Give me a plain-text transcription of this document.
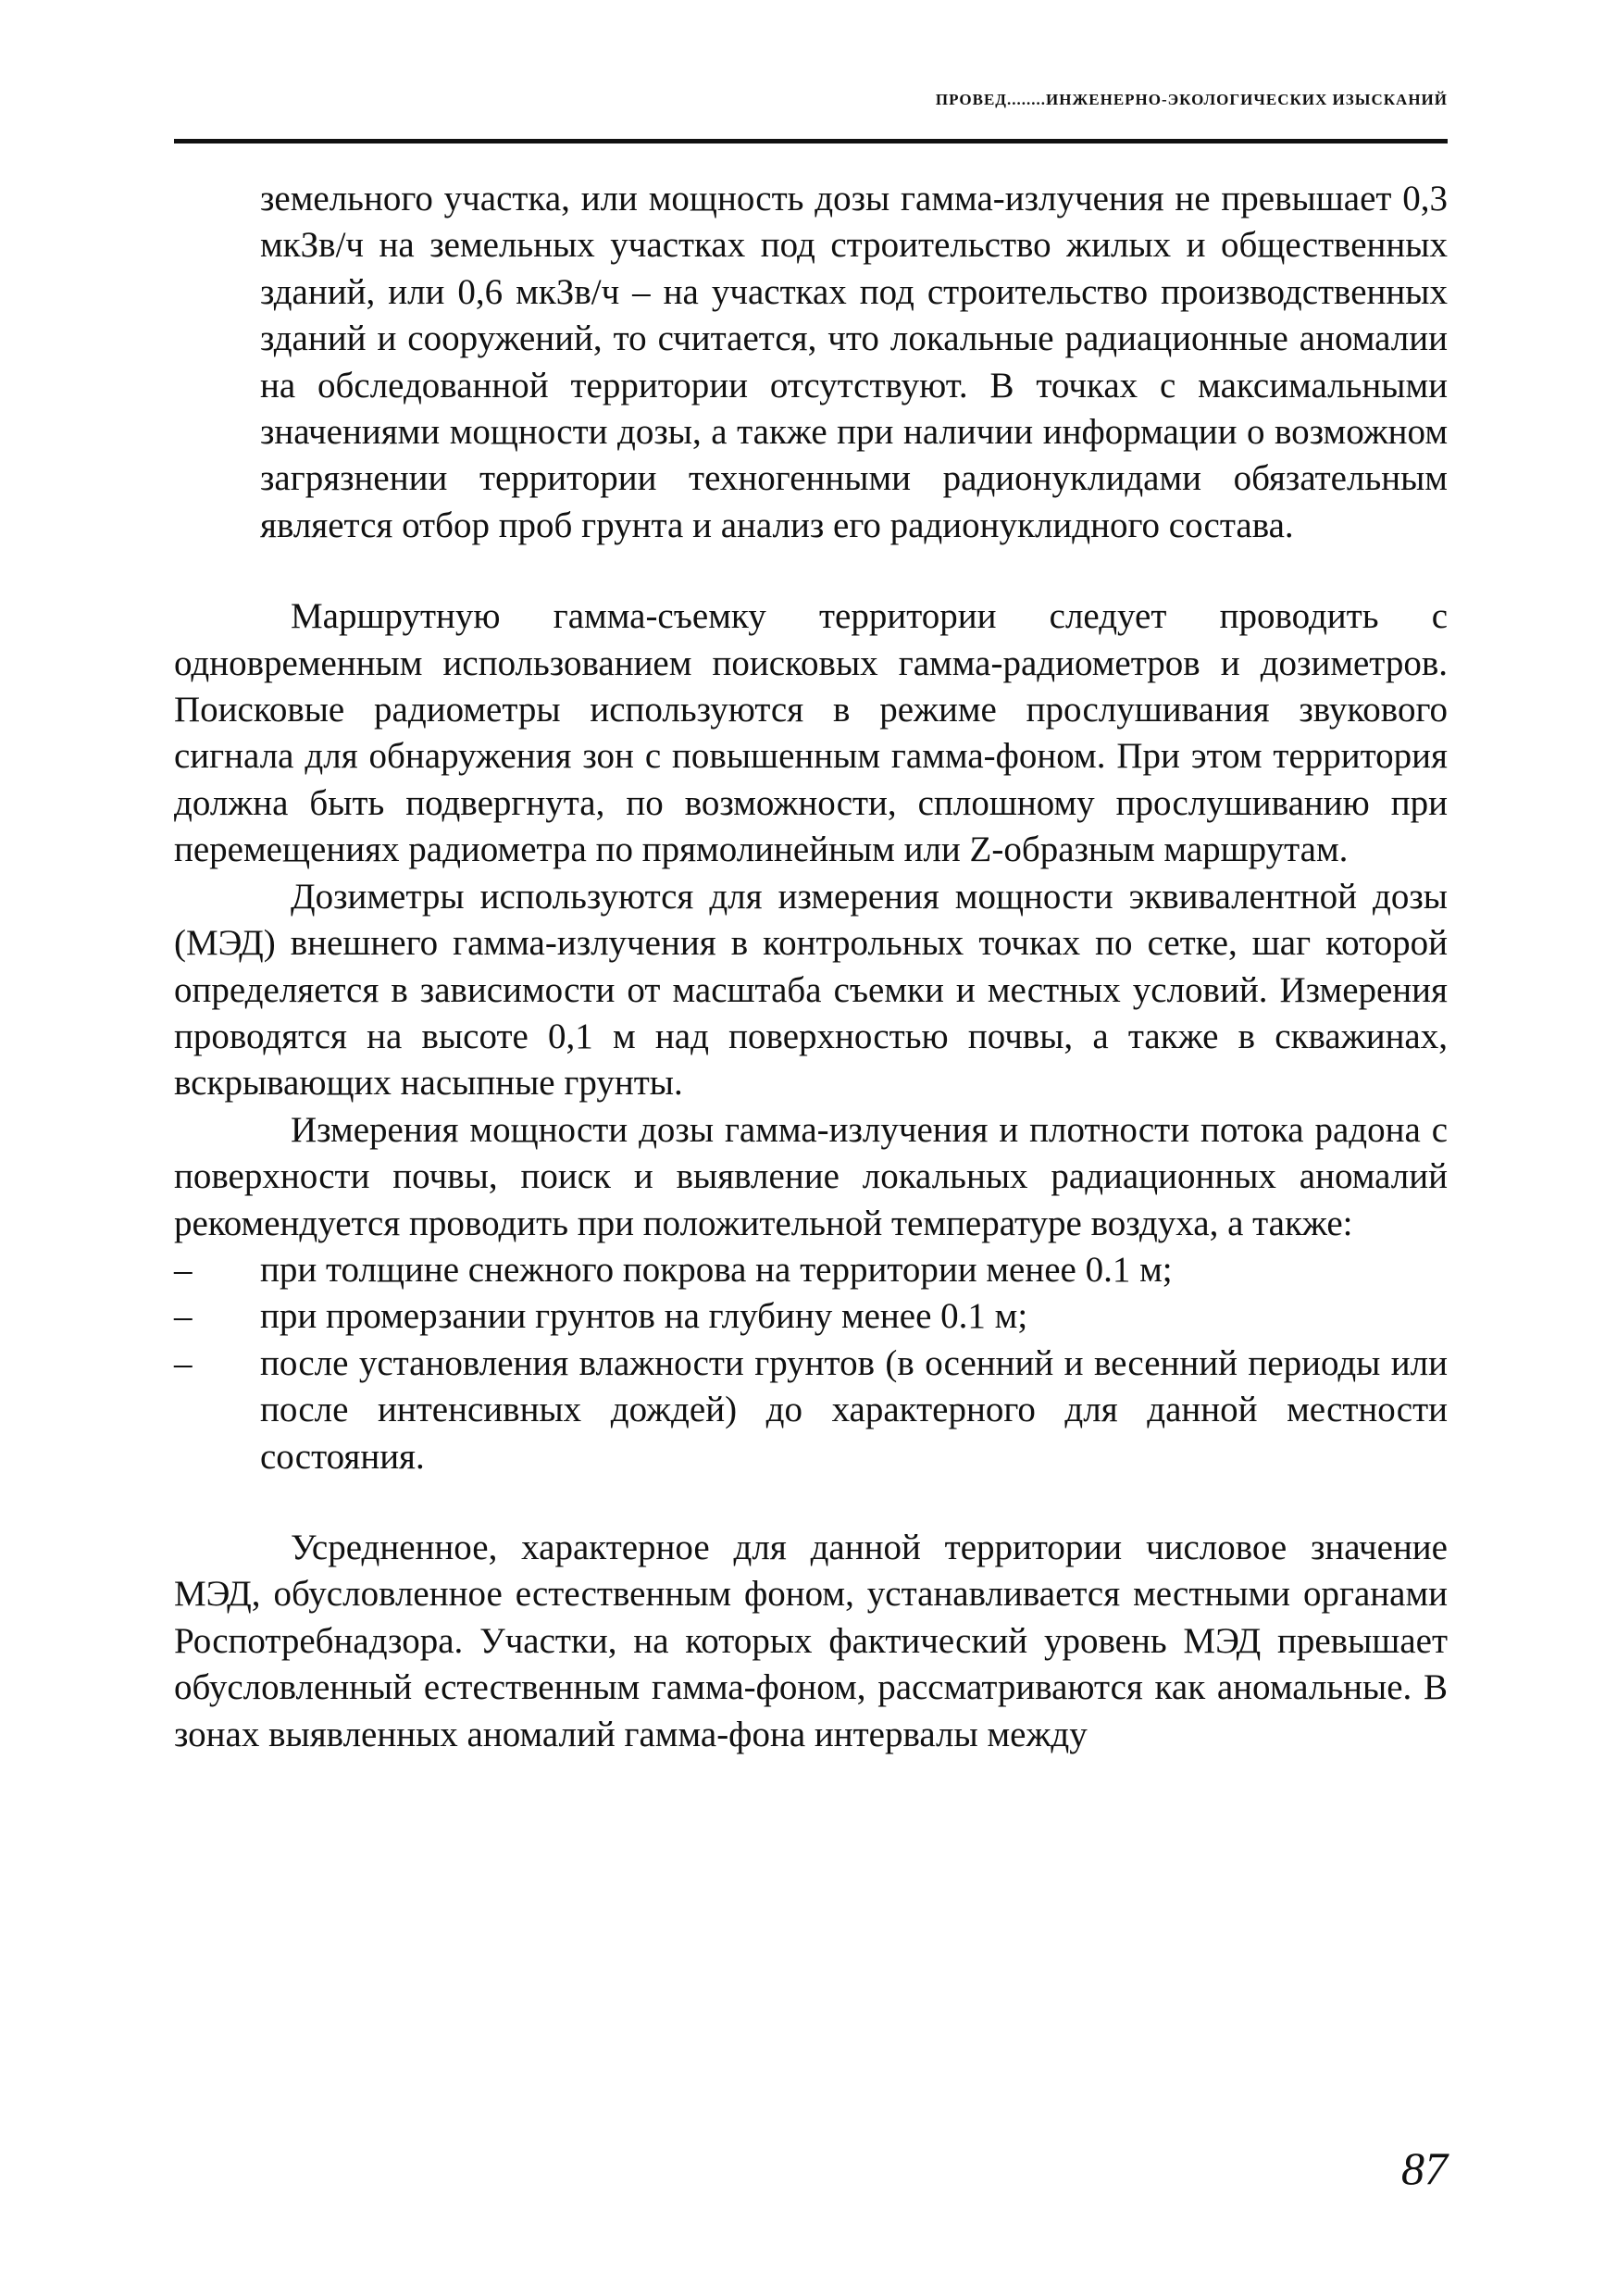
ПРОВЕД........ИНЖЕНЕРНО-ЭКОЛОГИЧЕСКИХ ИЗЫСКАНИЙ

земельного участка, или мощность дозы гамма-излучения не превышает 0,3 мкЗв/ч на земельных участках под строительство жилых и общественных зданий, или 0,6 мкЗв/ч – на участках под строительство производственных зданий и сооружений, то считается, что локальные радиационные аномалии на обследованной территории отсутствуют. В точках с максимальными значениями мощности дозы, а также при наличии информации о возможном загрязнении территории техногенными радионуклидами обязательным является отбор проб грунта и анализ его радионуклидного состава.

Маршрутную гамма-съемку территории следует проводить с одновременным использованием поисковых гамма-радиометров и дозиметров. Поисковые радиометры используются в режиме прослушивания звукового сигнала для обнаружения зон с повышенным гамма-фоном. При этом территория должна быть подвергнута, по возможности, сплошному прослушиванию при перемещениях радиометра по прямолинейным или Z-образным маршрутам.

Дозиметры используются для измерения мощности эквивалентной дозы (МЭД) внешнего гамма-излучения в контрольных точках по сетке, шаг которой определяется в зависимости от масштаба съемки и местных условий. Измерения проводятся на высоте 0,1 м над поверхностью почвы, а также в скважинах, вскрывающих насыпные грунты.

Измерения мощности дозы гамма-излучения и плотности потока радона с поверхности почвы, поиск и выявление локальных радиационных аномалий рекомендуется проводить при положительной температуре воздуха, а также:

–	при толщине снежного покрова на территории менее 0.1 м;
–	при промерзании грунтов на глубину менее 0.1 м;
–	после установления влажности грунтов (в осенний и весенний периоды или после интенсивных дождей) до характерного для данной местности состояния.

Усредненное, характерное для данной территории числовое значение МЭД, обусловленное естественным фоном, устанавливается местными органами Роспотребнадзора. Участки, на которых фактический уровень МЭД превышает обусловленный естественным гамма-фоном, рассматриваются как аномальные. В зонах выявленных аномалий гамма-фона интервалы между

87
